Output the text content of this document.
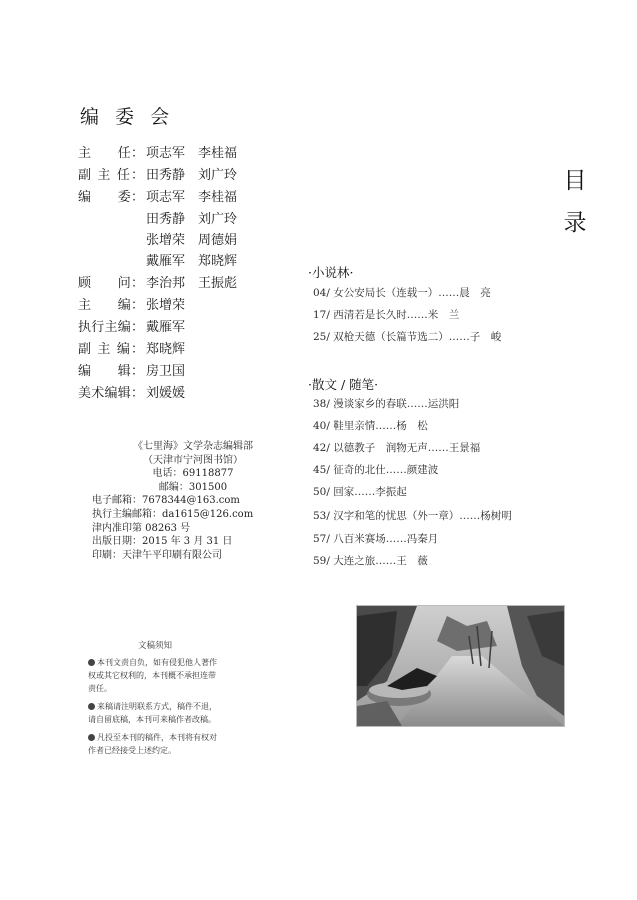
编 委 会
主　　任： 项志军　李桂福
副 主 任： 田秀静　刘广玲
编　　委： 项志军　李桂福
田秀静　刘广玲
张增荣　周德娟
戴雁军　郑晓辉
顾　　问： 李治邦　王振彪
主　　编： 张增荣
执行主编： 戴雁军
副 主 编： 郑晓辉
编　　辑： 房卫国
美术编辑： 刘媛媛
《七里海》文学杂志编辑部
（天津市宁河图书馆）
电话：69118877
邮编：301500
电子邮箱：7678344@163.com
执行主编邮箱：da1615@126.com
津内准印第 08263 号
出版日期：2015 年 3 月 31 日
印刷：天津午平印刷有限公司
文稿须知
本刊文责自负，如有侵犯他人著作权或其它权利的，本刊概不承担连带责任。
来稿请注明联系方式，稿件不退，请自留底稿，本刊可来稿作者改稿。
凡投至本刊的稿件，本刊将有权对作者已经接受上述约定。
目
录
·小说林·
04/ 女公安局长（连载一）……晨　亮
17/ 西清若是长久时……米　兰
25/ 双枪天德（长篇节选二）……子　峻
·散文 / 随笔·
38/ 漫谈家乡的春联……运洪阳
40/ 鞋里亲情……杨　松
42/ 以德教子　润物无声……王景福
45/ 征奇的北仕……颜建波
50/ 回家……李振起
53/ 汉字和笔的忧思（外一章）……杨树明
57/ 八百米赛场……冯秦月
59/ 大连之旅……王　薇
